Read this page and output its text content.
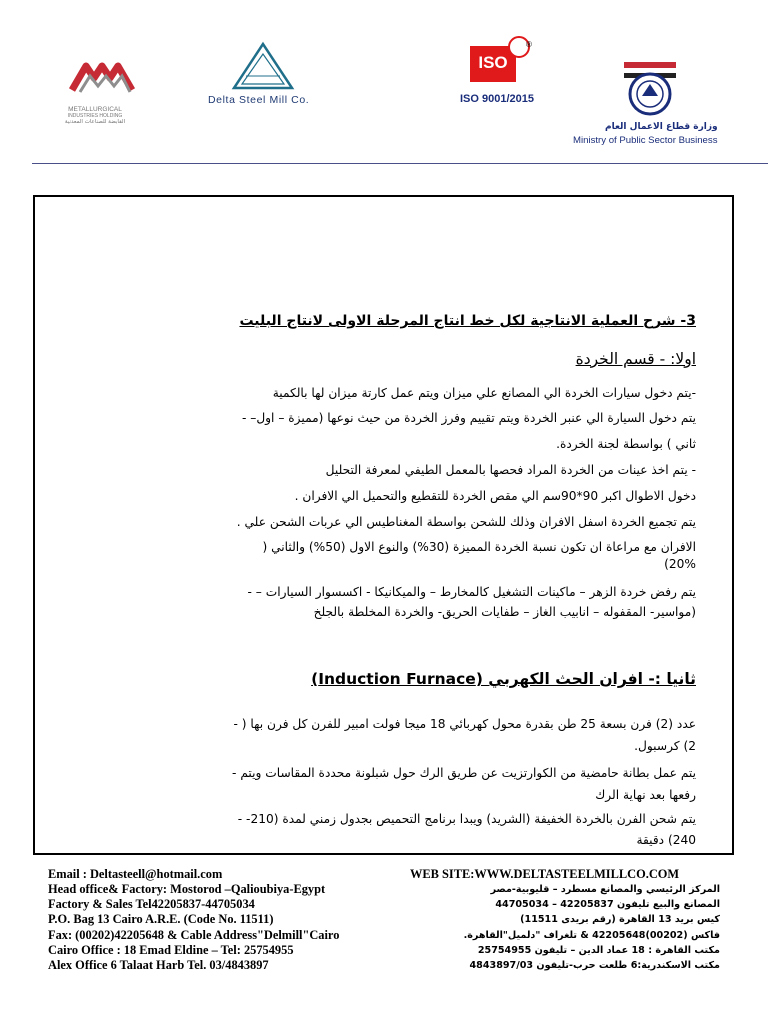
METALLURGICAL
INDUSTRIES HOLDING
القابضة للصناعات المعدنية
Delta Steel Mill Co.
ISO
®
ISO 9001/2015
وزارة قطاع الاعمال العام
Ministry of Public Sector Business
3- شرح العملية الانتاجية لكل خط انتاج المرحلة الاولى لانتاج البليت
اولا: - قسم الخردة
-يتم دخول سيارات الخردة الي المصانع علي ميزان ويتم عمل كارتة ميزان لها بالكمية
يتم دخول السيارة الي عنبر الخردة ويتم تقييم وفرز الخردة من حيث نوعها (مميزة – اول– -
ثاني ) بواسطة لجنة الخردة.
- يتم اخذ عينات من الخردة المراد فحصها بالمعمل الطيفي لمعرفة التحليل
دخول الاطوال اكبر 90*90سم الي مقص الخردة للتقطيع والتحميل الي الافران .
يتم تجميع الخردة اسفل الافران وذلك للشحن بواسطة المغناطيس الي عربات الشحن علي .
الافران مع مراعاة ان تكون نسبة الخردة المميزة (30%) والنوع الاول (50%) والثاني (
20%)
يتم رفض خردة الزهر – ماكينات التشغيل كالمخارط – والميكانيكا - اكسسوار السيارات – -
(مواسير- المقفوله – انابيب الغاز – طفايات الحريق- والخردة المخلطة بالجلخ
ثانيا :- افران الحث الكهربي (Induction Furnace)
عدد (2) فرن بسعة 25 طن بقدرة محول كهربائي 18 ميجا فولت امبير للفرن كل فرن بها ( -
2) كرسبول.
يتم عمل بطانة حامضية من الكوارتزيت عن طريق الرك حول شبلونة محددة المقاسات ويتم -
رفعها بعد نهاية الرك
يتم شحن الفرن بالخردة الخفيفة (الشريد) ويبدا برنامج التحميص بجدول زمني لمدة (210- -
240) دقيقة
Email : Deltasteell@hotmail.com	WEB SITE:WWW.DELTASTEELMILLCO.COM
Head office& Factory: Mostorod –Qalioubiya-Egypt
Factory & Sales Tel42205837-44705034
P.O. Bag 13 Cairo A.R.E. (Code No. 11511)
Fax: (00202)42205648 & Cable Address"Delmill"Cairo
Cairo Office : 18 Emad Eldine – Tel: 25754955
Alex Office 6 Talaat Harb Tel. 03/4843897
المركز الرئيسي والمصانع مسطرد – قليوبية-مصر
المصانع والبيع تليفون 42205837 – 44705034
كيس بريد 13 القاهرة (رقم بريدى 11511)
فاكس (00202)42205648 & تلغراف "دلميل"القاهرة.
مكتب القاهرة : 18 عماد الدين – تليفون 25754955
مكتب الاسكندرية:6 طلعت حرب-تليفون 4843897/03
